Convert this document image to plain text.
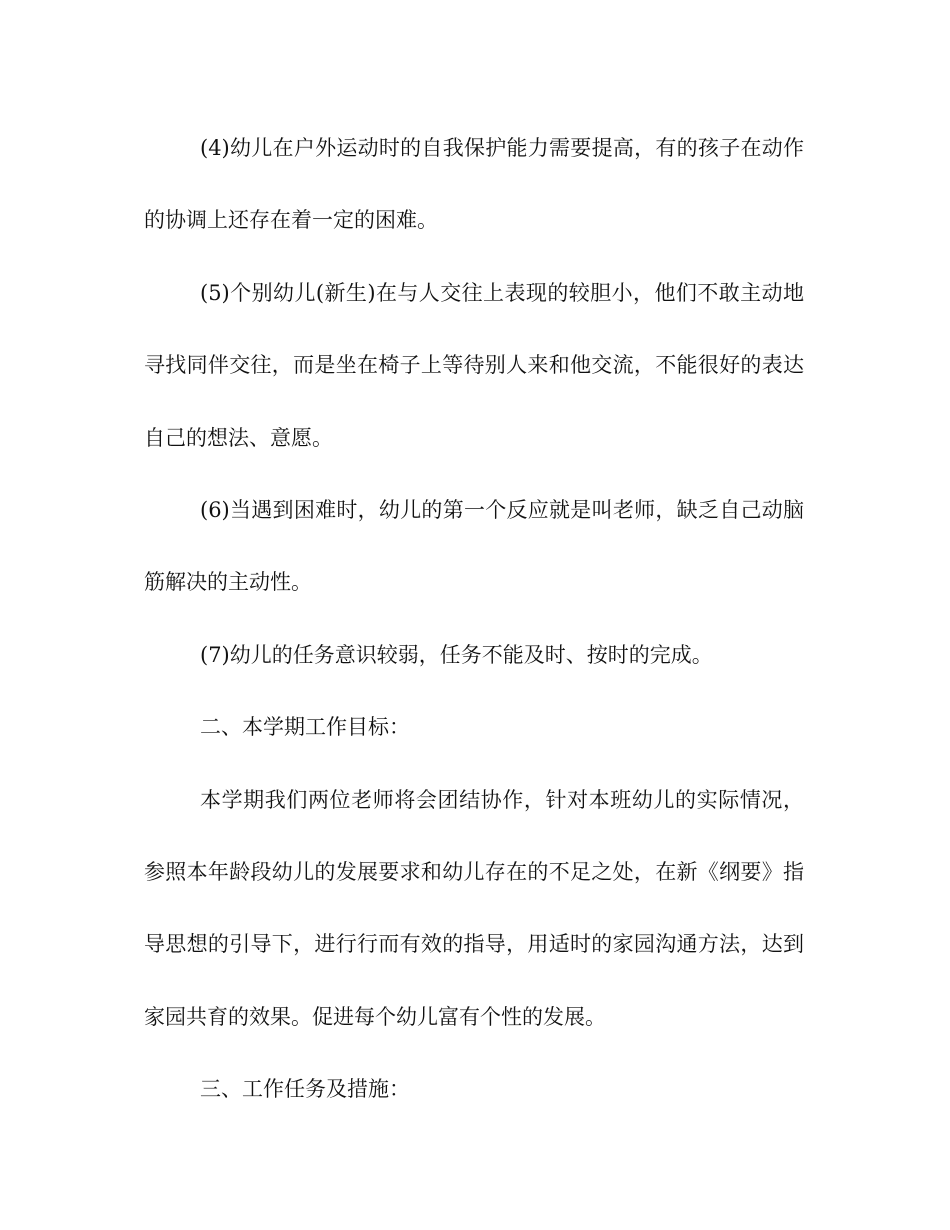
(4)幼儿在户外运动时的自我保护能力需要提高，有的孩子在动作的协调上还存在着一定的困难。

(5)个别幼儿(新生)在与人交往上表现的较胆小，他们不敢主动地寻找同伴交往，而是坐在椅子上等待别人来和他交流，不能很好的表达自己的想法、意愿。

(6)当遇到困难时，幼儿的第一个反应就是叫老师，缺乏自己动脑筋解决的主动性。

(7)幼儿的任务意识较弱，任务不能及时、按时的完成。

二、本学期工作目标：

本学期我们两位老师将会团结协作，针对本班幼儿的实际情况，参照本年龄段幼儿的发展要求和幼儿存在的不足之处，在新《纲要》指导思想的引导下，进行行而有效的指导，用适时的家园沟通方法，达到家园共育的效果。促进每个幼儿富有个性的发展。

三、工作任务及措施：
